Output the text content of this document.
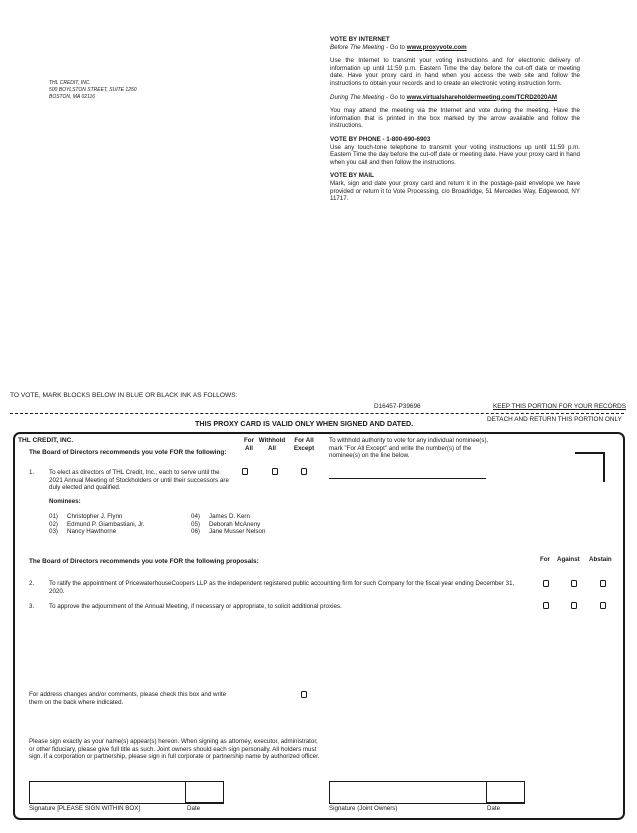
THL CREDIT, INC.

500 BOYLSTON STREET, SUITE 1250

BOSTON, MA 02116

VOTE BY INTERNET

Before The Meeting - Go to www.proxyvote.com

Use the Internet to transmit your voting instructions and for electronic delivery of information up until 11:59 p.m. Eastern Time the day before the cut-off date or meeting date. Have your proxy card in hand when you access the web site and follow the instructions to obtain your records and to create an electronic voting instruction form.

During The Meeting - Go to www.virtualshareholdermeeting.com/TCRD2020AM

You may attend the meeting via the Internet and vote during the meeting. Have the information that is printed in the box marked by the arrow available and follow the instructions.

VOTE BY PHONE - 1-800-690-6903

Use any touch-tone telephone to transmit your voting instructions up until 11:59 p.m. Eastern Time the day before the cut-off date or meeting date. Have your proxy card in hand when you call and then follow the instructions.

VOTE BY MAIL

Mark, sign and date your proxy card and return it in the postage-paid envelope we have provided or return it to Vote Processing, c/o Broadridge, 51 Mercedes Way, Edgewood, NY 11717.

TO VOTE, MARK BLOCKS BELOW IN BLUE OR BLACK INK AS FOLLOWS:
D16457-P39696	KEEP THIS PORTION FOR YOUR RECORDS
THIS PROXY CARD IS VALID ONLY WHEN SIGNED AND DATED.	DETACH AND RETURN THIS PORTION ONLY
THL CREDIT, INC.
The Board of Directors recommends you vote FOR the following:
For All
Withhold All
For All Except
To withhold authority to vote for any individual nominee(s), mark "For All Except" and write the number(s) of the nominee(s) on the line below.
1. To elect as directors of THL Credit, Inc., each to serve until the 2021 Annual Meeting of Stockholders or until their successors are duly elected and qualified.
Nominees:
01) Christopher J. Flynn
02) Edmund P. Giambastiani, Jr.
03) Nancy Hawthorne
04) James D. Kern
05) Deborah McAneny
06) Jane Musser Nelson
The Board of Directors recommends you vote FOR the following proposals:	For Against Abstain
2. To ratify the appointment of PricewaterhouseCoopers LLP as the independent registered public accounting firm for such Company for the fiscal year ending December 31, 2020.
3. To approve the adjournment of the Annual Meeting, if necessary or appropriate, to solicit additional proxies.
For address changes and/or comments, please check this box and write them on the back where indicated.
Please sign exactly as your name(s) appear(s) hereon. When signing as attorney, executor, administrator, or other fiduciary, please give full title as such. Joint owners should each sign personally. All holders must sign. If a corporation or partnership, please sign in full corporate or partnership name by authorized officer.
Signature [PLEASE SIGN WITHIN BOX]	Date	Signature (Joint Owners)	Date
